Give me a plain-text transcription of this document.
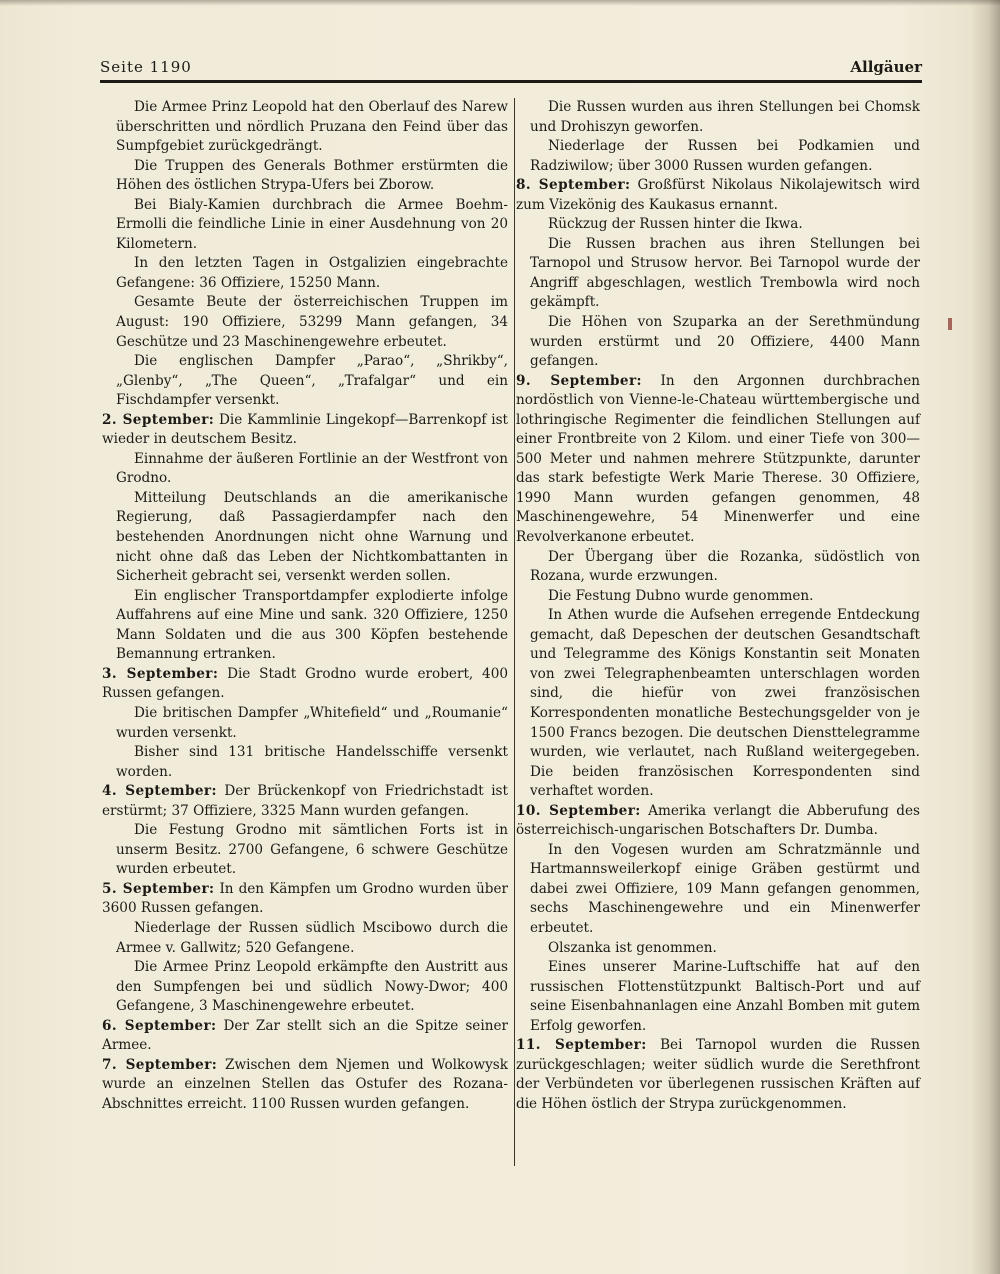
Seite 1190	Allgäuer

Die Armee Prinz Leopold hat den Oberlauf des Narew überschritten und nördlich Pruzana den Feind über das Sumpfgebiet zurückgedrängt.

Die Truppen des Generals Bothmer erstürmten die Höhen des östlichen Strypa-Ufers bei Zborow.

Bei Bialy-Kamien durchbrach die Armee Boehm-Ermolli die feindliche Linie in einer Ausdehnung von 20 Kilometern.

In den letzten Tagen in Ostgalizien eingebrachte Gefangene: 36 Offiziere, 15250 Mann.

Gesamte Beute der österreichischen Truppen im August: 190 Offiziere, 53299 Mann gefangen, 34 Geschütze und 23 Maschinengewehre erbeutet.

Die englischen Dampfer „Parao“, „Shrikby“, „Glenby“, „The Queen“, „Trafalgar“ und ein Fischdampfer versenkt.

2. September: Die Kammlinie Lingekopf—Barrenkopf ist wieder in deutschem Besitz.

Einnahme der äußeren Fortlinie an der Westfront von Grodno.

Mitteilung Deutschlands an die amerikanische Regierung, daß Passagierdampfer nach den bestehenden Anordnungen nicht ohne Warnung und nicht ohne daß das Leben der Nichtkombattanten in Sicherheit gebracht sei, versenkt werden sollen.

Ein englischer Transportdampfer explodierte infolge Auffahrens auf eine Mine und sank. 320 Offiziere, 1250 Mann Soldaten und die aus 300 Köpfen bestehende Bemannung ertranken.

3. September: Die Stadt Grodno wurde erobert, 400 Russen gefangen.

Die britischen Dampfer „Whitefield“ und „Roumanie“ wurden versenkt.

Bisher sind 131 britische Handelsschiffe versenkt worden.

4. September: Der Brückenkopf von Friedrichstadt ist erstürmt; 37 Offiziere, 3325 Mann wurden gefangen.

Die Festung Grodno mit sämtlichen Forts ist in unserm Besitz. 2700 Gefangene, 6 schwere Geschütze wurden erbeutet.

5. September: In den Kämpfen um Grodno wurden über 3600 Russen gefangen.

Niederlage der Russen südlich Mscibowo durch die Armee v. Gallwitz; 520 Gefangene.

Die Armee Prinz Leopold erkämpfte den Austritt aus den Sumpfengen bei und südlich Nowy-Dwor; 400 Gefangene, 3 Maschinengewehre erbeutet.

6. September: Der Zar stellt sich an die Spitze seiner Armee.

7. September: Zwischen dem Njemen und Wolkowysk wurde an einzelnen Stellen das Ostufer des Rozana-Abschnittes erreicht. 1100 Russen wurden gefangen.

Die Russen wurden aus ihren Stellungen bei Chomsk und Drohiszyn geworfen.

Niederlage der Russen bei Podkamien und Radziwilow; über 3000 Russen wurden gefangen.

8. September: Großfürst Nikolaus Nikolajewitsch wird zum Vizekönig des Kaukasus ernannt.

Rückzug der Russen hinter die Ikwa.

Die Russen brachen aus ihren Stellungen bei Tarnopol und Strusow hervor. Bei Tarnopol wurde der Angriff abgeschlagen, westlich Trembowla wird noch gekämpft.

Die Höhen von Szuparka an der Serethmündung wurden erstürmt und 20 Offiziere, 4400 Mann gefangen.

9. September: In den Argonnen durchbrachen nordöstlich von Vienne-le-Chateau württembergische und lothringische Regimenter die feindlichen Stellungen auf einer Frontbreite von 2 Kilom. und einer Tiefe von 300—500 Meter und nahmen mehrere Stützpunkte, darunter das stark befestigte Werk Marie Therese. 30 Offiziere, 1990 Mann wurden gefangen genommen, 48 Maschinengewehre, 54 Minenwerfer und eine Revolverkanone erbeutet.

Der Übergang über die Rozanka, südöstlich von Rozana, wurde erzwungen.

Die Festung Dubno wurde genommen.

In Athen wurde die Aufsehen erregende Entdeckung gemacht, daß Depeschen der deutschen Gesandtschaft und Telegramme des Königs Konstantin seit Monaten von zwei Telegraphenbeamten unterschlagen worden sind, die hiefür von zwei französischen Korrespondenten monatliche Bestechungsgelder von je 1500 Francs bezogen. Die deutschen Diensttelegramme wurden, wie verlautet, nach Rußland weitergegeben. Die beiden französischen Korrespondenten sind verhaftet worden.

10. September: Amerika verlangt die Abberufung des österreichisch-ungarischen Botschafters Dr. Dumba.

In den Vogesen wurden am Schratzmännle und Hartmannsweilerkopf einige Gräben gestürmt und dabei zwei Offiziere, 109 Mann gefangen genommen, sechs Maschinengewehre und ein Minenwerfer erbeutet.

Olszanka ist genommen.

Eines unserer Marine-Luftschiffe hat auf den russischen Flottenstützpunkt Baltisch-Port und auf seine Eisenbahnanlagen eine Anzahl Bomben mit gutem Erfolg geworfen.

11. September: Bei Tarnopol wurden die Russen zurückgeschlagen; weiter südlich wurde die Serethfront der Verbündeten vor überlegenen russischen Kräften auf die Höhen östlich der Strypa zurückgenommen.
